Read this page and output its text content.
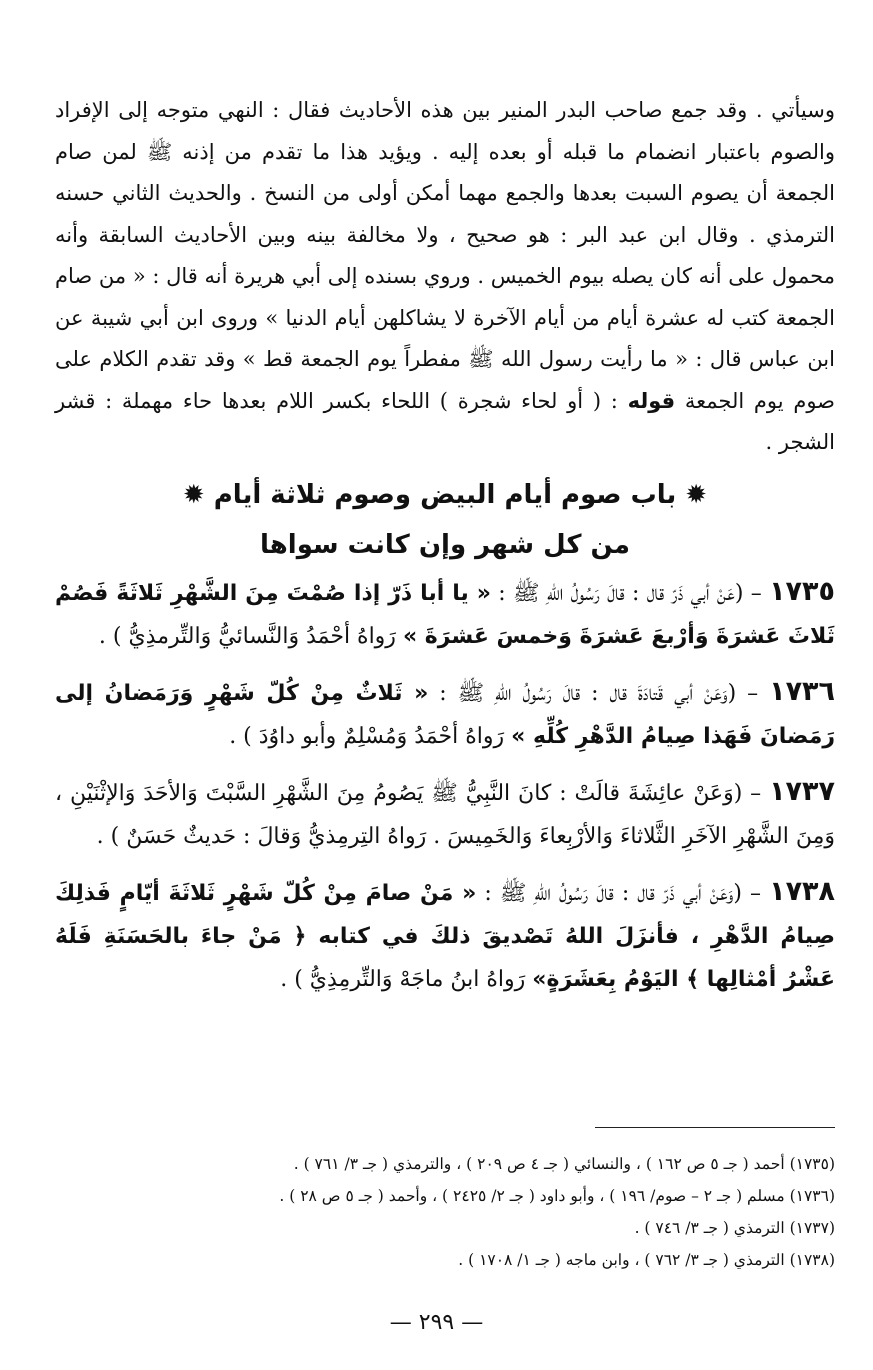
وسيأتي . وقد جمع صاحب البدر المنير بين هذه الأحاديث فقال : النهي متوجه إلى الإفراد والصوم باعتبار انضمام ما قبله أو بعده إليه . ويؤيد هذا ما تقدم من إذنه ﷺ لمن صام الجمعة أن يصوم السبت بعدها والجمع مهما أمكن أولى من النسخ . والحديث الثاني حسنه الترمذي . وقال ابن عبد البر : هو صحيح ، ولا مخالفة بينه وبين الأحاديث السابقة وأنه محمول على أنه كان يصله بيوم الخميس . وروي بسنده إلى أبي هريرة أنه قال : « من صام الجمعة كتب له عشرة أيام من أيام الآخرة لا يشاكلهن أيام الدنيا » وروى ابن أبي شيبة عن ابن عباس قال : « ما رأيت رسول الله ﷺ مفطراً يوم الجمعة قط » وقد تقدم الكلام على صوم يوم الجمعة قوله : ( أو لحاء شجرة ) اللحاء بكسر اللام بعدها حاء مهملة : قشر الشجر .
✹ باب صوم أيام البيض وصوم ثلاثة أيام ✹
من كل شهر وإن كانت سواها
١٧٣٥ – (عَنْ أبي ذَرّ قال : قالَ رَسُولُ اللهِ ﷺ : « يا أبا ذَرّ إذا صُمْتَ مِنَ الشَّهْرِ ثَلاثَةً فَصُمْ ثَلاثَ عَشرَةَ وَأرْبعَ عَشرَةَ وَخمسَ عَشرَةَ » رَواهُ أحْمَدُ وَالنَّسائيُّ وَالتِّرمذِيُّ ) .
١٧٣٦ – (وَعَنْ أبي قَتادَةَ قال : قالَ رَسُولُ اللهِ ﷺ : « ثَلاثٌ مِنْ كُلّ شَهْرٍ وَرَمَضانُ إلى رَمَضانَ فَهَذا صِيامُ الدَّهْرِ كُلِّهِ » رَواهُ أحْمَدُ وَمُسْلِمٌ وأبو داوُدَ ) .
١٧٣٧ – (وَعَنْ عائِشَةَ قالَتْ : كانَ النَّبِيُّ ﷺ يَصُومُ مِنَ الشَّهْرِ السَّبْتَ وَالأحَدَ وَالإثْنَيْنِ ، وَمِنَ الشَّهْرِ الآخَرِ الثَّلاثاءَ وَالأرْبِعاءَ وَالخَمِيسَ . رَواهُ التِرمِذيُّ وَقالَ : حَديثٌ حَسَنٌ ) .
١٧٣٨ – (وَعَنْ أبي ذَرّ قال : قالَ رَسُولُ اللهِ ﷺ : « مَنْ صامَ مِنْ كُلّ شَهْرٍ ثَلاثَةَ أيّامٍ فَذلِكَ صِيامُ الدَّهْرِ ، فأنزَلَ اللهُ تَصْديقَ ذلكَ في كتابه ﴿ مَنْ جاءَ بالحَسَنَةِ فَلَهُ عَشْرُ أمْثالِها ﴾ اليَوْمُ بِعَشَرَةٍ» رَواهُ ابنُ ماجَهْ وَالتِّرمِذِيُّ ) .

(١٧٣٥) أحمد ( جـ ٥ ص ١٦٢ ) ، والنسائي ( جـ ٤ ص ٢٠٩ ) ، والترمذي ( جـ ٣/ ٧٦١ ) .

(١٧٣٦) مسلم ( جـ ٢ – صوم/ ١٩٦ ) ، وأبو داود ( جـ ٢/ ٢٤٢٥ ) ، وأحمد ( جـ ٥ ص ٢٨ ) .

(١٧٣٧) الترمذي ( جـ ٣/ ٧٤٦ ) .

(١٧٣٨) الترمذي ( جـ ٣/ ٧٦٢ ) ، وابن ماجه ( جـ ١/ ١٧٠٨ ) .

— ٢٩٩ —
